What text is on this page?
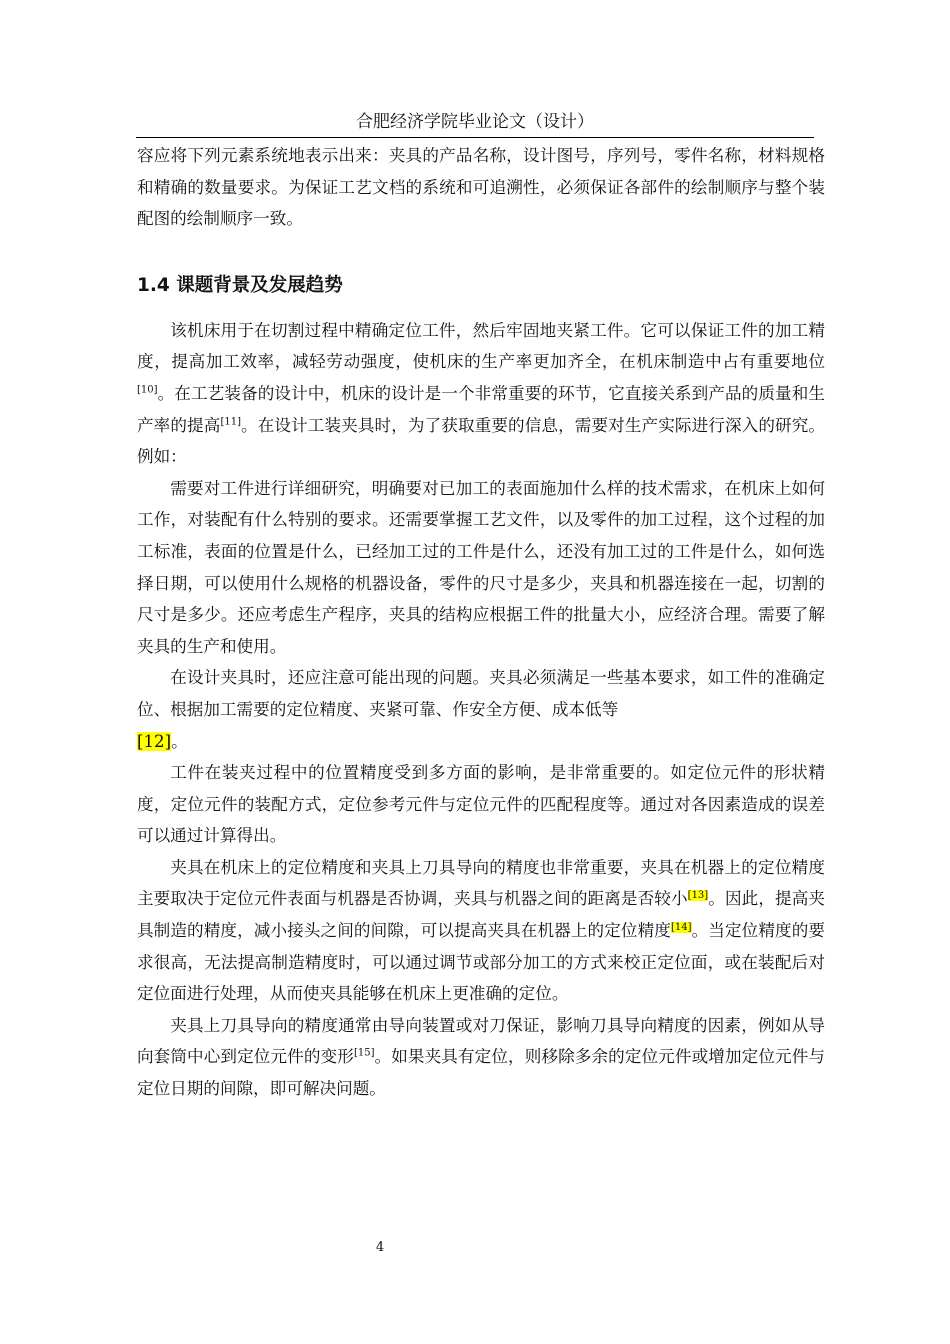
合肥经济学院毕业论文（设计）

容应将下列元素系统地表示出来：夹具的产品名称，设计图号，序列号，零件名称，材料规格和精确的数量要求。为保证工艺文档的系统和可追溯性，必须保证各部件的绘制顺序与整个装配图的绘制顺序一致。

1.4 课题背景及发展趋势

该机床用于在切割过程中精确定位工件，然后牢固地夹紧工件。它可以保证工件的加工精度，提高加工效率，减轻劳动强度，使机床的生产率更加齐全，在机床制造中占有重要地位[10]。在工艺装备的设计中，机床的设计是一个非常重要的环节，它直接关系到产品的质量和生产率的提高[11]。在设计工装夹具时，为了获取重要的信息，需要对生产实际进行深入的研究。例如：

需要对工件进行详细研究，明确要对已加工的表面施加什么样的技术需求，在机床上如何工作，对装配有什么特别的要求。还需要掌握工艺文件，以及零件的加工过程，这个过程的加工标准，表面的位置是什么，已经加工过的工件是什么，还没有加工过的工件是什么，如何选择日期，可以使用什么规格的机器设备，零件的尺寸是多少，夹具和机器连接在一起，切割的尺寸是多少。还应考虑生产程序，夹具的结构应根据工件的批量大小，应经济合理。需要了解夹具的生产和使用。

在设计夹具时，还应注意可能出现的问题。夹具必须满足一些基本要求，如工件的准确定位、根据加工需要的定位精度、夹紧可靠、作安全方便、成本低等
[12]。

工件在装夹过程中的位置精度受到多方面的影响，是非常重要的。如定位元件的形状精度，定位元件的装配方式，定位参考元件与定位元件的匹配程度等。通过对各因素造成的误差可以通过计算得出。

夹具在机床上的定位精度和夹具上刀具导向的精度也非常重要，夹具在机器上的定位精度主要取决于定位元件表面与机器是否协调，夹具与机器之间的距离是否较小[13]。因此，提高夹具制造的精度，减小接头之间的间隙，可以提高夹具在机器上的定位精度[14]。当定位精度的要求很高，无法提高制造精度时，可以通过调节或部分加工的方式来校正定位面，或在装配后对定位面进行处理，从而使夹具能够在机床上更准确的定位。

夹具上刀具导向的精度通常由导向装置或对刀保证，影响刀具导向精度的因素，例如从导向套筒中心到定位元件的变形[15]。如果夹具有定位，则移除多余的定位元件或增加定位元件与定位日期的间隙，即可解决问题。

4
